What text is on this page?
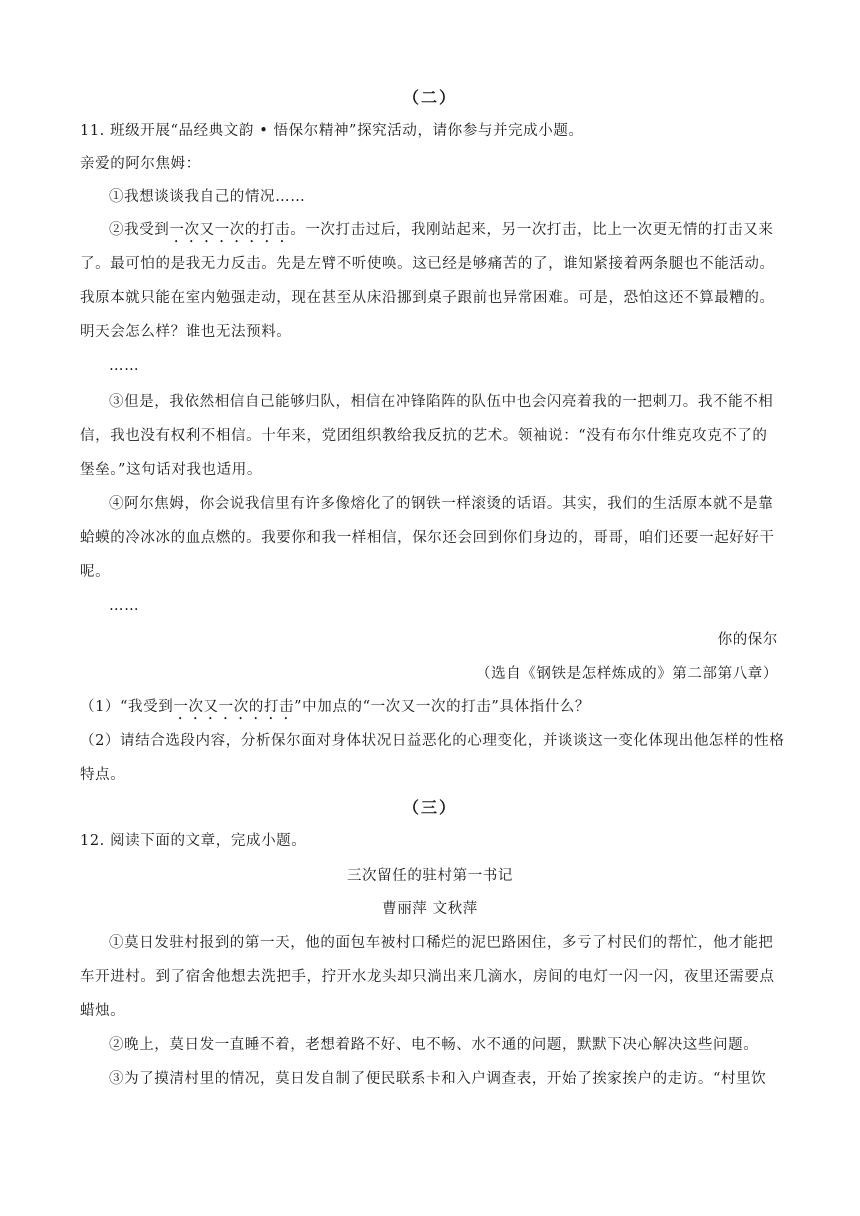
（二）
11. 班级开展“品经典文韵 • 悟保尔精神”探究活动，请你参与并完成小题。
亲爱的阿尔焦姆：
①我想谈谈我自己的情况……
②我受到一次又一次的打击。一次打击过后，我刚站起来，另一次打击，比上一次更无情的打击又来
了。最可怕的是我无力反击。先是左臂不听使唤。这已经是够痛苦的了，谁知紧接着两条腿也不能活动。
我原本就只能在室内勉强走动，现在甚至从床沿挪到桌子跟前也异常困难。可是，恐怕这还不算最糟的。
明天会怎么样？谁也无法预料。
……
③但是，我依然相信自己能够归队，相信在冲锋陷阵的队伍中也会闪亮着我的一把刺刀。我不能不相
信，我也没有权利不相信。十年来，党团组织教给我反抗的艺术。领袖说：“没有布尔什维克攻克不了的
堡垒。”这句话对我也适用。
④阿尔焦姆，你会说我信里有许多像熔化了的钢铁一样滚烫的话语。其实，我们的生活原本就不是靠
蛤蟆的冷冰冰的血点燃的。我要你和我一样相信，保尔还会回到你们身边的，哥哥，咱们还要一起好好干
呢。
……
你的保尔
（选自《钢铁是怎样炼成的》第二部第八章）
（1）“我受到一次又一次的打击”中加点的“一次又一次的打击”具体指什么？
（2）请结合选段内容，分析保尔面对身体状况日益恶化的心理变化，并谈谈这一变化体现出他怎样的性格
特点。
（三）
12. 阅读下面的文章，完成小题。
三次留任的驻村第一书记
曹丽萍 文秋萍
①莫日发驻村报到的第一天，他的面包车被村口稀烂的泥巴路困住，多亏了村民们的帮忙，他才能把
车开进村。到了宿舍他想去洗把手，拧开水龙头却只淌出来几滴水，房间的电灯一闪一闪，夜里还需要点
蜡烛。
②晚上，莫日发一直睡不着，老想着路不好、电不畅、水不通的问题，默默下决心解决这些问题。
③为了摸清村里的情况，莫日发自制了便民联系卡和入户调查表，开始了挨家挨户的走访。“村里饮
